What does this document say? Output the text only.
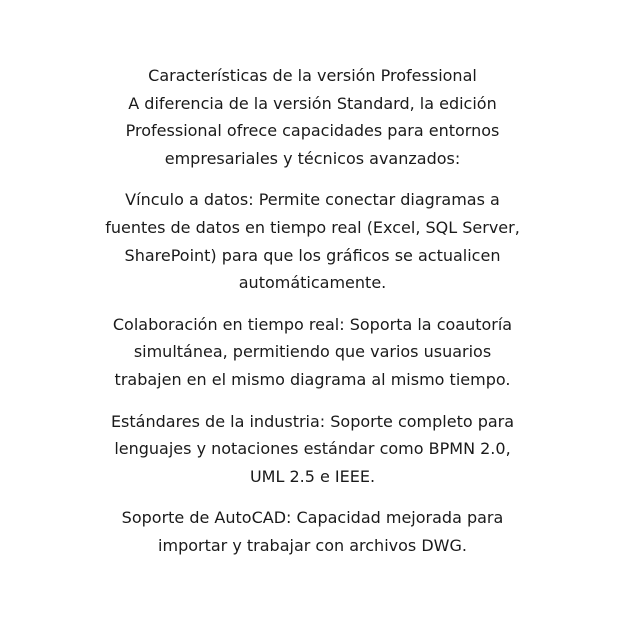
Características de la versión Professional
A diferencia de la versión Standard, la edición
Professional ofrece capacidades para entornos
empresariales y técnicos avanzados:
Vínculo a datos: Permite conectar diagramas a
fuentes de datos en tiempo real (Excel, SQL Server,
SharePoint) para que los gráficos se actualicen
automáticamente.
Colaboración en tiempo real: Soporta la coautoría
simultánea, permitiendo que varios usuarios
trabajen en el mismo diagrama al mismo tiempo.
Estándares de la industria: Soporte completo para
lenguajes y notaciones estándar como BPMN 2.0,
UML 2.5 e IEEE.
Soporte de AutoCAD: Capacidad mejorada para
importar y trabajar con archivos DWG.
